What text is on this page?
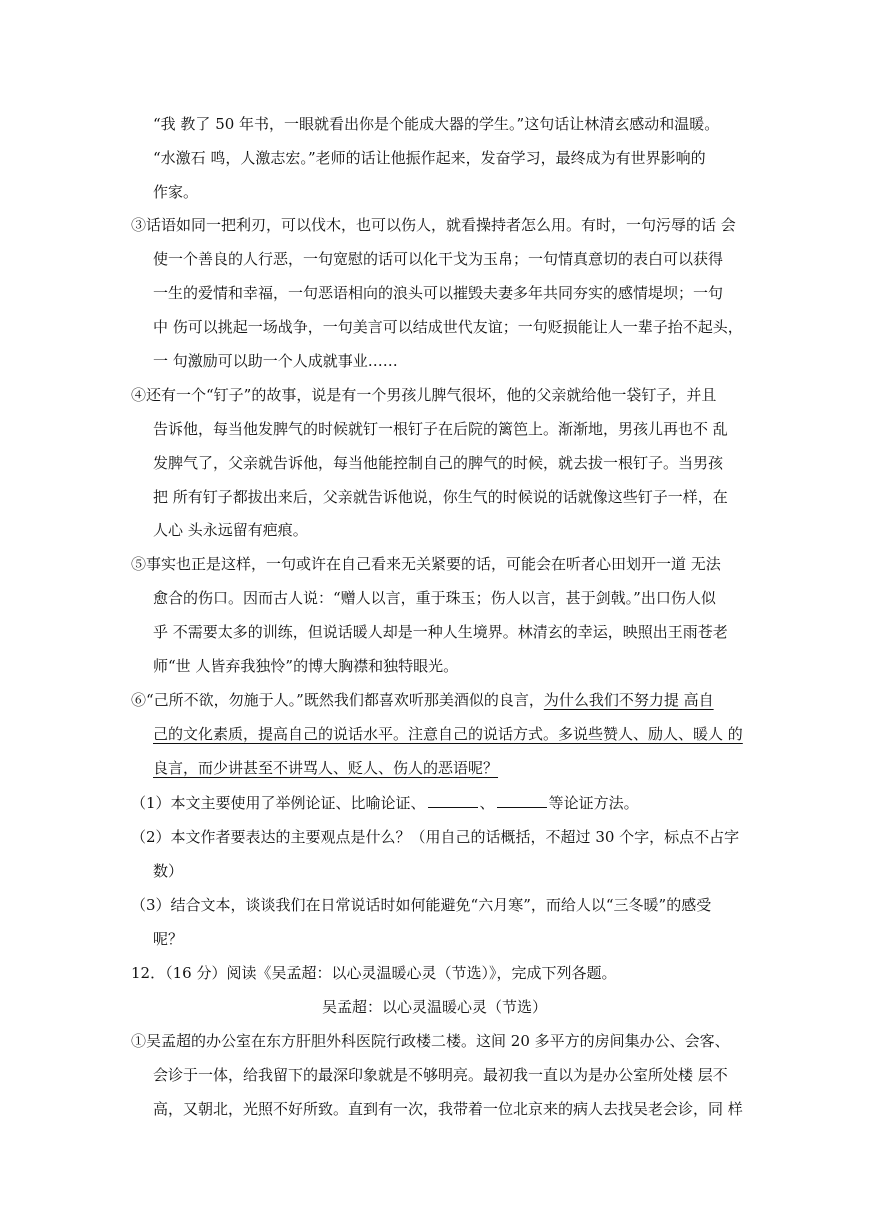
“我 教了 50 年书，一眼就看出你是个能成大器的学生。”这句话让林清玄感动和温暖。
“水激石 鸣，人激志宏。”老师的话让他振作起来，发奋学习，最终成为有世界影响的
作家。
③话语如同一把利刃，可以伐木，也可以伤人，就看操持者怎么用。有时，一句污辱的话 会
使一个善良的人行恶，一句宽慰的话可以化干戈为玉帛；一句情真意切的表白可以获得
一生的爱情和幸福，一句恶语相向的浪头可以摧毁夫妻多年共同夯实的感情堤坝；一句
中 伤可以挑起一场战争，一句美言可以结成世代友谊；一句贬损能让人一辈子抬不起头，
一 句激励可以助一个人成就事业……
④还有一个“钉子”的故事，说是有一个男孩儿脾气很坏，他的父亲就给他一袋钉子，并且
告诉他，每当他发脾气的时候就钉一根钉子在后院的篱笆上。渐渐地，男孩儿再也不 乱
发脾气了，父亲就告诉他，每当他能控制自己的脾气的时候，就去拔一根钉子。当男孩
把 所有钉子都拔出来后，父亲就告诉他说，你生气的时候说的话就像这些钉子一样，在
人心 头永远留有疤痕。
⑤事实也正是这样，一句或许在自己看来无关紧要的话，可能会在听者心田划开一道 无法
愈合的伤口。因而古人说：“赠人以言，重于珠玉；伤人以言，甚于剑戟。”出口伤人似
乎 不需要太多的训练，但说话暖人却是一种人生境界。林清玄的幸运，映照出王雨苍老
师“世 人皆弃我独怜”的博大胸襟和独特眼光。
⑥“己所不欲，勿施于人。”既然我们都喜欢听那美酒似的良言，为什么我们不努力提 高自
己的文化素质，提高自己的说话水平。注意自己的说话方式。多说些赞人、励人、暖人 的
良言，而少讲甚至不讲骂人、贬人、伤人的恶语呢？
（1）本文主要使用了举例论证、比喻论证、	、	等论证方法。
（2）本文作者要表达的主要观点是什么？（用自己的话概括，不超过 30 个字，标点不占字
数）
（3）结合文本，谈谈我们在日常说话时如何能避免“六月寒”，而给人以“三冬暖”的感受
呢？
12．（16 分）阅读《吴孟超：以心灵温暖心灵（节选）》，完成下列各题。
吴孟超：以心灵温暖心灵（节选）
①吴孟超的办公室在东方肝胆外科医院行政楼二楼。这间 20 多平方的房间集办公、会客、
会诊于一体，给我留下的最深印象就是不够明亮。最初我一直以为是办公室所处楼 层不
高，又朝北，光照不好所致。直到有一次，我带着一位北京来的病人去找吴老会诊，同 样
